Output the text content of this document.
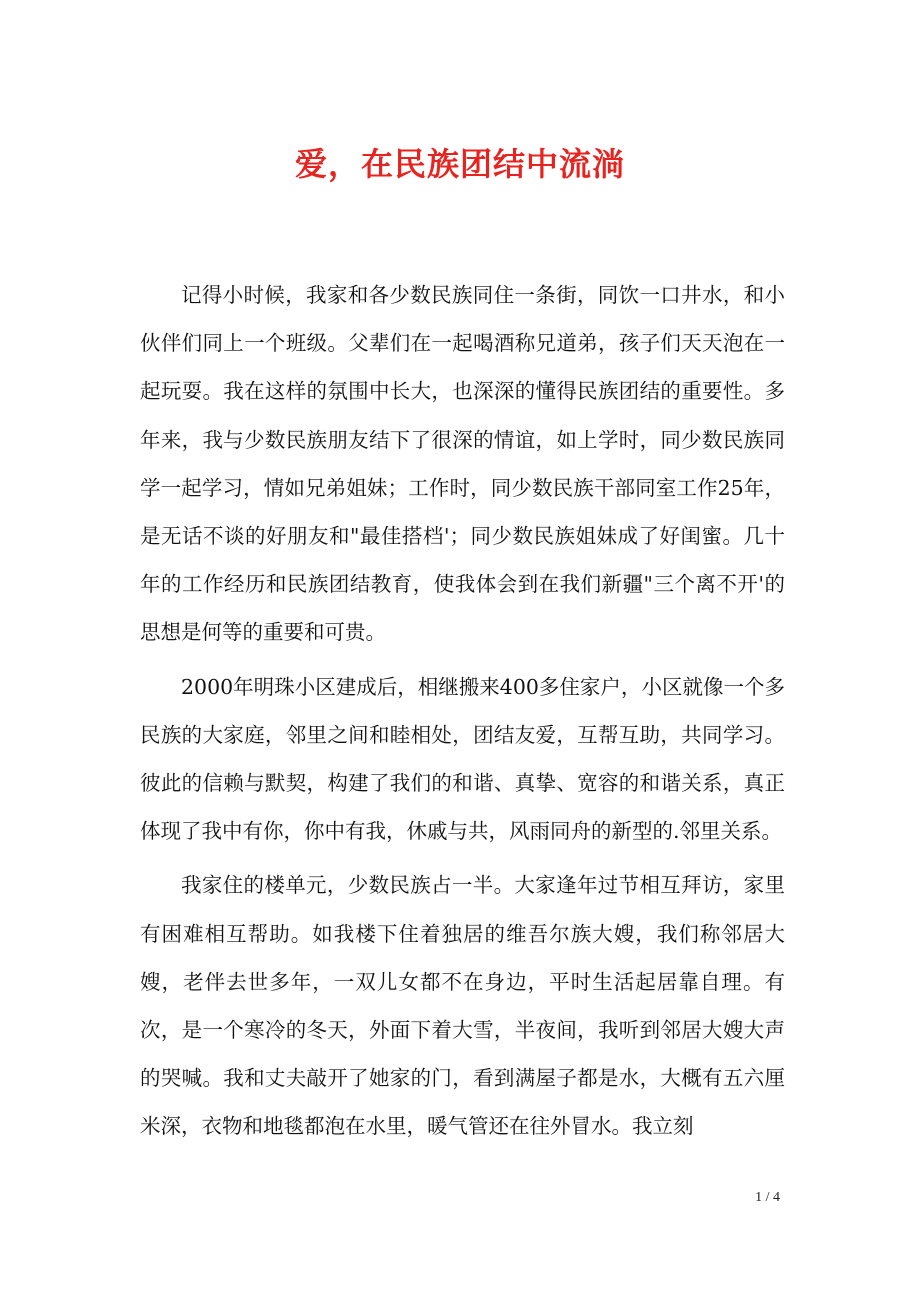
爱，在民族团结中流淌

记得小时候，我家和各少数民族同住一条街，同饮一口井水，和小伙伴们同上一个班级。父辈们在一起喝酒称兄道弟，孩子们天天泡在一起玩耍。我在这样的氛围中长大，也深深的懂得民族团结的重要性。多年来，我与少数民族朋友结下了很深的情谊，如上学时，同少数民族同学一起学习，情如兄弟姐妹；工作时，同少数民族干部同室工作25年，是无话不谈的好朋友和"最佳搭档'；同少数民族姐妹成了好闺蜜。几十年的工作经历和民族团结教育，使我体会到在我们新疆"三个离不开'的思想是何等的重要和可贵。

2000年明珠小区建成后，相继搬来400多住家户，小区就像一个多民族的大家庭，邻里之间和睦相处，团结友爱，互帮互助，共同学习。彼此的信赖与默契，构建了我们的和谐、真挚、宽容的和谐关系，真正体现了我中有你，你中有我，休戚与共，风雨同舟的新型的.邻里关系。

我家住的楼单元，少数民族占一半。大家逢年过节相互拜访，家里有困难相互帮助。如我楼下住着独居的维吾尔族大嫂，我们称邻居大嫂，老伴去世多年，一双儿女都不在身边，平时生活起居靠自理。有次，是一个寒冷的冬天，外面下着大雪，半夜间，我听到邻居大嫂大声的哭喊。我和丈夫敲开了她家的门，看到满屋子都是水，大概有五六厘米深，衣物和地毯都泡在水里，暖气管还在往外冒水。我立刻

1 / 4
